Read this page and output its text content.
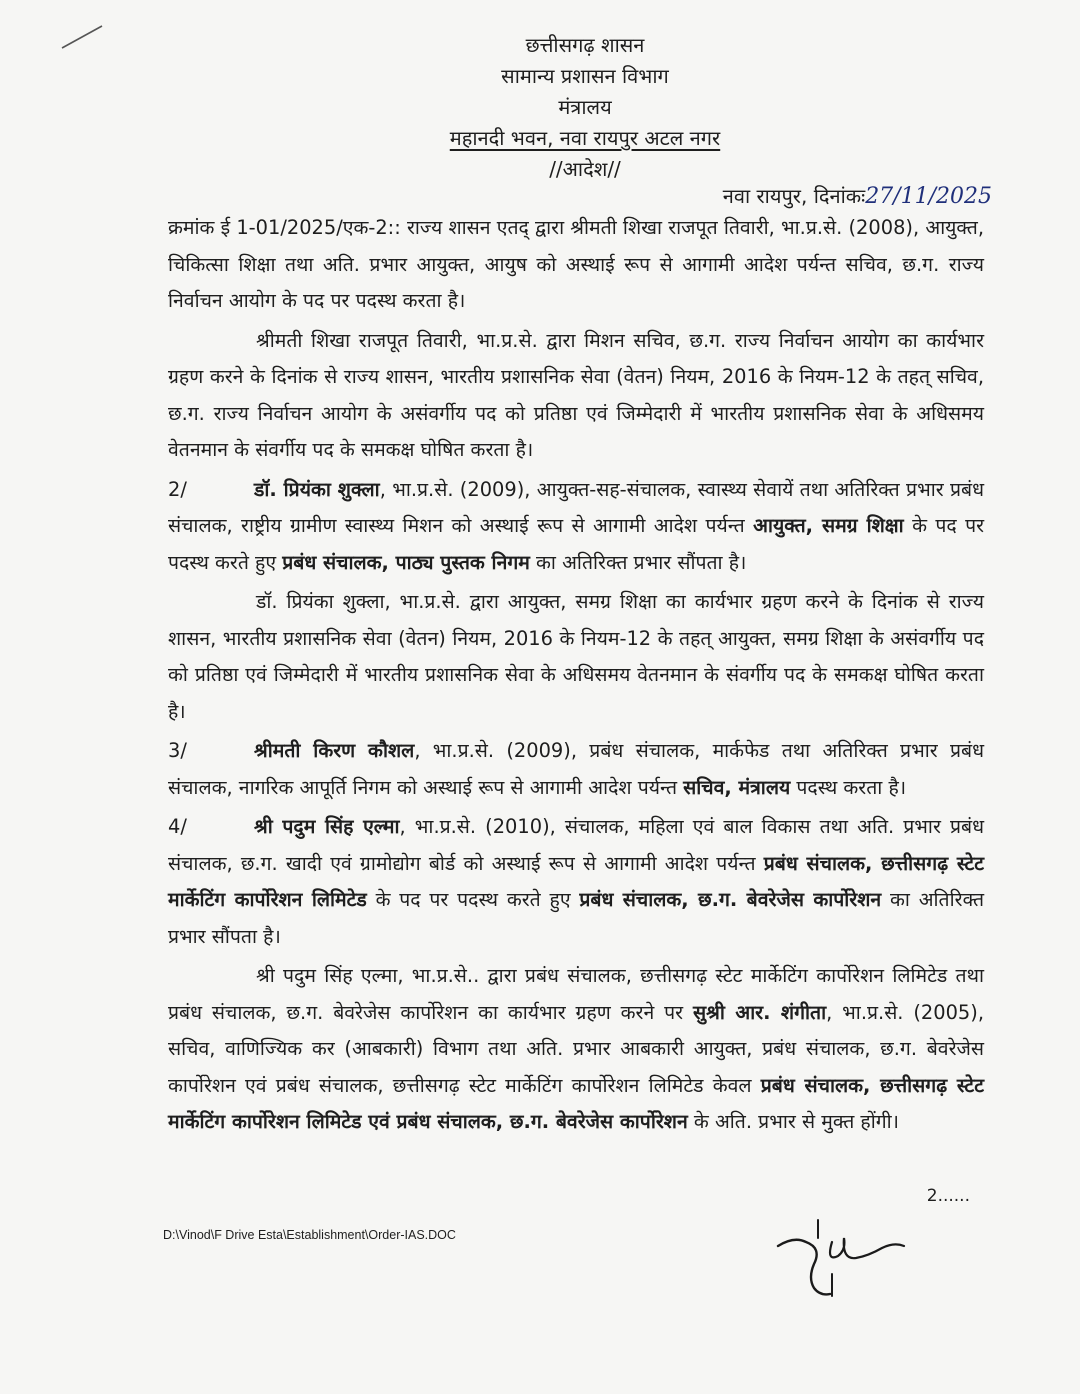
छत्तीसगढ़ शासन
सामान्य प्रशासन विभाग
मंत्रालय
महानदी भवन, नवा रायपुर अटल नगर
//आदेश//
नवा रायपुर, दिनांकः27/11/2025

क्रमांक ई 1-01/2025/एक-2:: राज्य शासन एतद् द्वारा श्रीमती शिखा राजपूत तिवारी, भा.प्र.से. (2008), आयुक्त, चिकित्सा शिक्षा तथा अति. प्रभार आयुक्त, आयुष को अस्थाई रूप से आगामी आदेश पर्यन्त सचिव, छ.ग. राज्य निर्वाचन आयोग के पद पर पदस्थ करता है।

श्रीमती शिखा राजपूत तिवारी, भा.प्र.से. द्वारा मिशन सचिव, छ.ग. राज्य निर्वाचन आयोग का कार्यभार ग्रहण करने के दिनांक से राज्य शासन, भारतीय प्रशासनिक सेवा (वेतन) नियम, 2016 के नियम-12 के तहत् सचिव, छ.ग. राज्य निर्वाचन आयोग के असंवर्गीय पद को प्रतिष्ठा एवं जिम्मेदारी में भारतीय प्रशासनिक सेवा के अधिसमय वेतनमान के संवर्गीय पद के समकक्ष घोषित करता है।

2/	डॉ. प्रियंका शुक्ला, भा.प्र.से. (2009), आयुक्त-सह-संचालक, स्वास्थ्य सेवायें तथा अतिरिक्त प्रभार प्रबंध संचालक, राष्ट्रीय ग्रामीण स्वास्थ्य मिशन को अस्थाई रूप से आगामी आदेश पर्यन्त आयुक्त, समग्र शिक्षा के पद पर पदस्थ करते हुए प्रबंध संचालक, पाठ्य पुस्तक निगम का अतिरिक्त प्रभार सौंपता है।

डॉ. प्रियंका शुक्ला, भा.प्र.से. द्वारा आयुक्त, समग्र शिक्षा का कार्यभार ग्रहण करने के दिनांक से राज्य शासन, भारतीय प्रशासनिक सेवा (वेतन) नियम, 2016 के नियम-12 के तहत् आयुक्त, समग्र शिक्षा के असंवर्गीय पद को प्रतिष्ठा एवं जिम्मेदारी में भारतीय प्रशासनिक सेवा के अधिसमय वेतनमान के संवर्गीय पद के समकक्ष घोषित करता है।

3/	श्रीमती किरण कौशल, भा.प्र.से. (2009), प्रबंध संचालक, मार्कफेड तथा अतिरिक्त प्रभार प्रबंध संचालक, नागरिक आपूर्ति निगम को अस्थाई रूप से आगामी आदेश पर्यन्त सचिव, मंत्रालय पदस्थ करता है।

4/	श्री पदुम सिंह एल्मा, भा.प्र.से. (2010), संचालक, महिला एवं बाल विकास तथा अति. प्रभार प्रबंध संचालक, छ.ग. खादी एवं ग्रामोद्योग बोर्ड को अस्थाई रूप से आगामी आदेश पर्यन्त प्रबंध संचालक, छत्तीसगढ़ स्टेट मार्केटिंग कार्पोरेशन लिमिटेड के पद पर पदस्थ करते हुए प्रबंध संचालक, छ.ग. बेवरेजेस कार्पोरेशन का अतिरिक्त प्रभार सौंपता है।

श्री पदुम सिंह एल्मा, भा.प्र.से.. द्वारा प्रबंध संचालक, छत्तीसगढ़ स्टेट मार्केटिंग कार्पोरेशन लिमिटेड तथा प्रबंध संचालक, छ.ग. बेवरेजेस कार्पोरेशन का कार्यभार ग्रहण करने पर सुश्री आर. शंगीता, भा.प्र.से. (2005), सचिव, वाणिज्यिक कर (आबकारी) विभाग तथा अति. प्रभार आबकारी आयुक्त, प्रबंध संचालक, छ.ग. बेवरेजेस कार्पोरेशन एवं प्रबंध संचालक, छत्तीसगढ़ स्टेट मार्केटिंग कार्पोरेशन लिमिटेड केवल प्रबंध संचालक, छत्तीसगढ़ स्टेट मार्केटिंग कार्पोरेशन लिमिटेड एवं प्रबंध संचालक, छ.ग. बेवरेजेस कार्पोरेशन के अति. प्रभार से मुक्त होंगी।

2......
D:\Vinod\F Drive Esta\Establishment\Order-IAS.DOC
